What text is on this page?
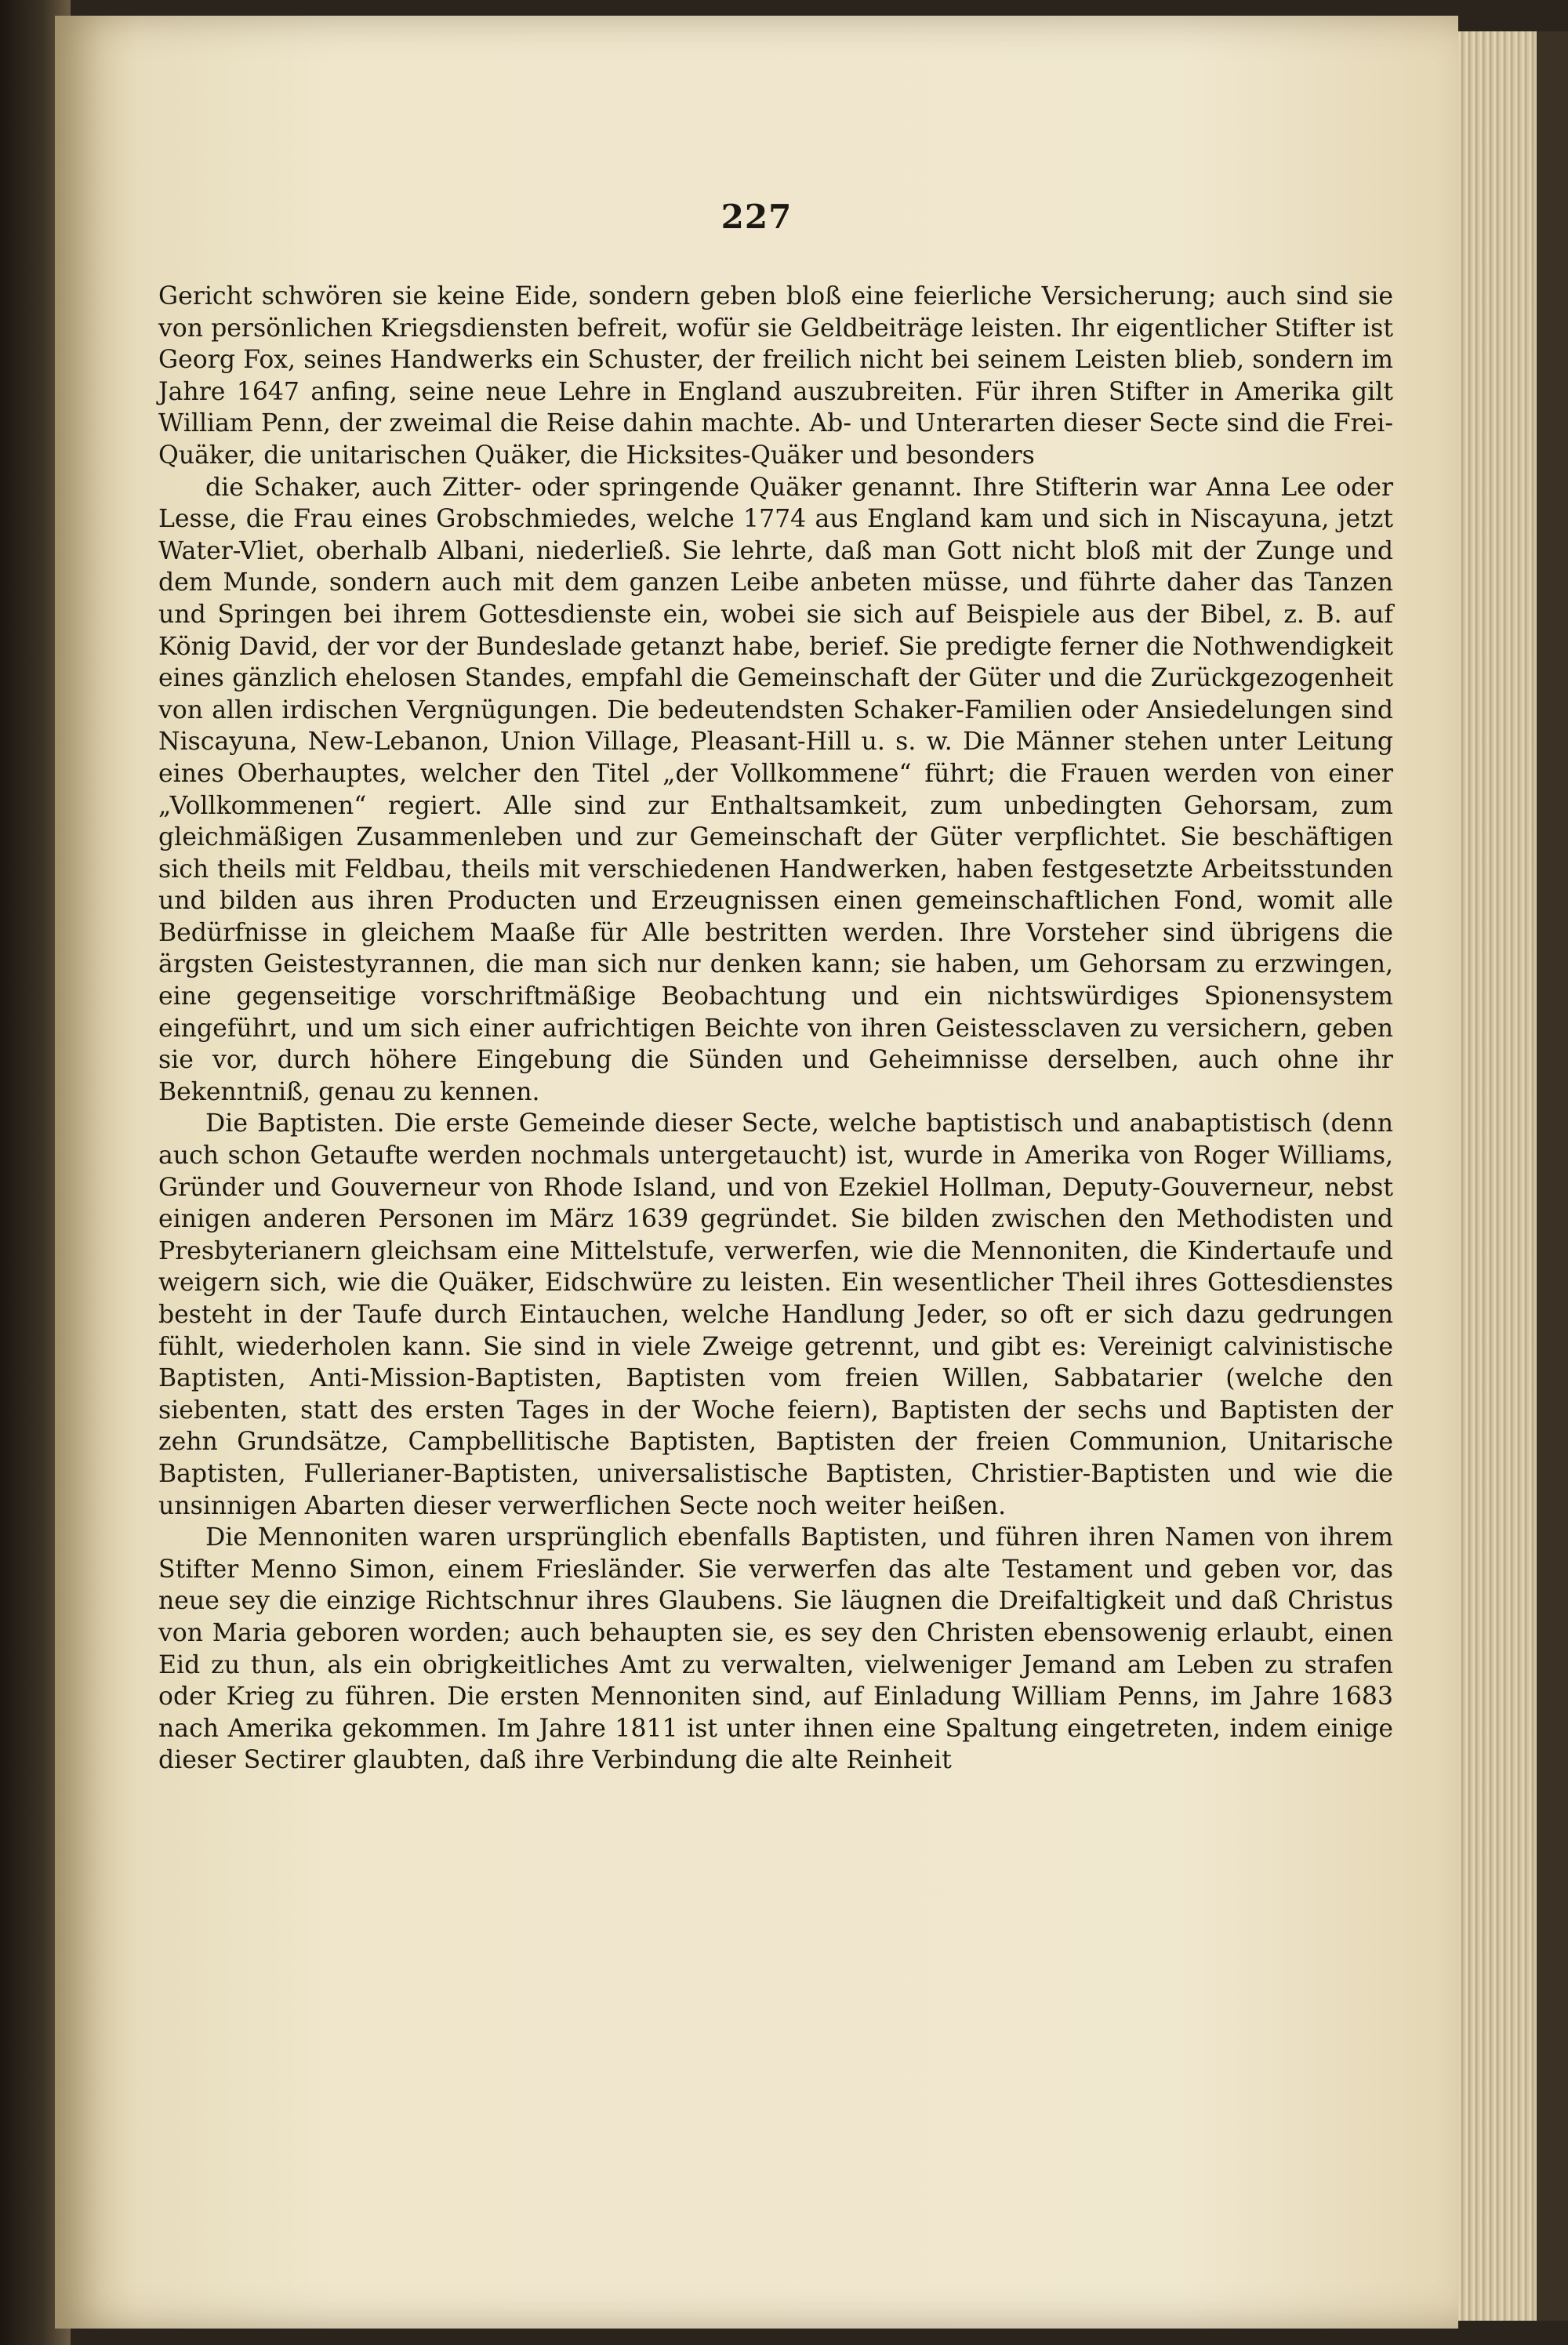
227

Gericht schwören sie keine Eide, sondern geben bloß eine feierliche Versicherung; auch sind sie von persönlichen Kriegsdiensten befreit, wofür sie Geldbeiträge leisten. Ihr eigentlicher Stifter ist Georg Fox, seines Handwerks ein Schuster, der freilich nicht bei seinem Leisten blieb, sondern im Jahre 1647 anfing, seine neue Lehre in England auszubreiten. Für ihren Stifter in Amerika gilt William Penn, der zweimal die Reise dahin machte. Ab- und Unterarten dieser Secte sind die Frei-Quäker, die unitarischen Quäker, die Hicksites-Quäker und besonders

die Schaker, auch Zitter- oder springende Quäker genannt. Ihre Stifterin war Anna Lee oder Lesse, die Frau eines Grobschmiedes, welche 1774 aus England kam und sich in Niscayuna, jetzt Water-Vliet, oberhalb Albani, niederließ. Sie lehrte, daß man Gott nicht bloß mit der Zunge und dem Munde, sondern auch mit dem ganzen Leibe anbeten müsse, und führte daher das Tanzen und Springen bei ihrem Gottesdienste ein, wobei sie sich auf Beispiele aus der Bibel, z. B. auf König David, der vor der Bundeslade getanzt habe, berief. Sie predigte ferner die Nothwendigkeit eines gänzlich ehelosen Standes, empfahl die Gemeinschaft der Güter und die Zurückgezogenheit von allen irdischen Vergnügungen. Die bedeutendsten Schaker-Familien oder Ansiedelungen sind Niscayuna, New-Lebanon, Union Village, Pleasant-Hill u. s. w. Die Männer stehen unter Leitung eines Oberhauptes, welcher den Titel „der Vollkommene“ führt; die Frauen werden von einer „Vollkommenen“ regiert. Alle sind zur Enthaltsamkeit, zum unbedingten Gehorsam, zum gleichmäßigen Zusammenleben und zur Gemeinschaft der Güter verpflichtet. Sie beschäftigen sich theils mit Feldbau, theils mit verschiedenen Handwerken, haben festgesetzte Arbeitsstunden und bilden aus ihren Producten und Erzeugnissen einen gemeinschaftlichen Fond, womit alle Bedürfnisse in gleichem Maaße für Alle bestritten werden. Ihre Vorsteher sind übrigens die ärgsten Geistestyrannen, die man sich nur denken kann; sie haben, um Gehorsam zu erzwingen, eine gegenseitige vorschriftmäßige Beobachtung und ein nichtswürdiges Spionensystem eingeführt, und um sich einer aufrichtigen Beichte von ihren Geistessclaven zu versichern, geben sie vor, durch höhere Eingebung die Sünden und Geheimnisse derselben, auch ohne ihr Bekenntniß, genau zu kennen.

Die Baptisten. Die erste Gemeinde dieser Secte, welche baptistisch und anabaptistisch (denn auch schon Getaufte werden nochmals untergetaucht) ist, wurde in Amerika von Roger Williams, Gründer und Gouverneur von Rhode Island, und von Ezekiel Hollman, Deputy-Gouverneur, nebst einigen anderen Personen im März 1639 gegründet. Sie bilden zwischen den Methodisten und Presbyterianern gleichsam eine Mittelstufe, verwerfen, wie die Mennoniten, die Kindertaufe und weigern sich, wie die Quäker, Eidschwüre zu leisten. Ein wesentlicher Theil ihres Gottesdienstes besteht in der Taufe durch Eintauchen, welche Handlung Jeder, so oft er sich dazu gedrungen fühlt, wiederholen kann. Sie sind in viele Zweige getrennt, und gibt es: Vereinigt calvinistische Baptisten, Anti-Mission-Baptisten, Baptisten vom freien Willen, Sabbatarier (welche den siebenten, statt des ersten Tages in der Woche feiern), Baptisten der sechs und Baptisten der zehn Grundsätze, Campbellitische Baptisten, Baptisten der freien Communion, Unitarische Baptisten, Fullerianer-Baptisten, universalistische Baptisten, Christier-Baptisten und wie die unsinnigen Abarten dieser verwerflichen Secte noch weiter heißen.

Die Mennoniten waren ursprünglich ebenfalls Baptisten, und führen ihren Namen von ihrem Stifter Menno Simon, einem Friesländer. Sie verwerfen das alte Testament und geben vor, das neue sey die einzige Richtschnur ihres Glaubens. Sie läugnen die Dreifaltigkeit und daß Christus von Maria geboren worden; auch behaupten sie, es sey den Christen ebensowenig erlaubt, einen Eid zu thun, als ein obrigkeitliches Amt zu verwalten, vielweniger Jemand am Leben zu strafen oder Krieg zu führen. Die ersten Mennoniten sind, auf Einladung William Penns, im Jahre 1683 nach Amerika gekommen. Im Jahre 1811 ist unter ihnen eine Spaltung eingetreten, indem einige dieser Sectirer glaubten, daß ihre Verbindung die alte Reinheit
